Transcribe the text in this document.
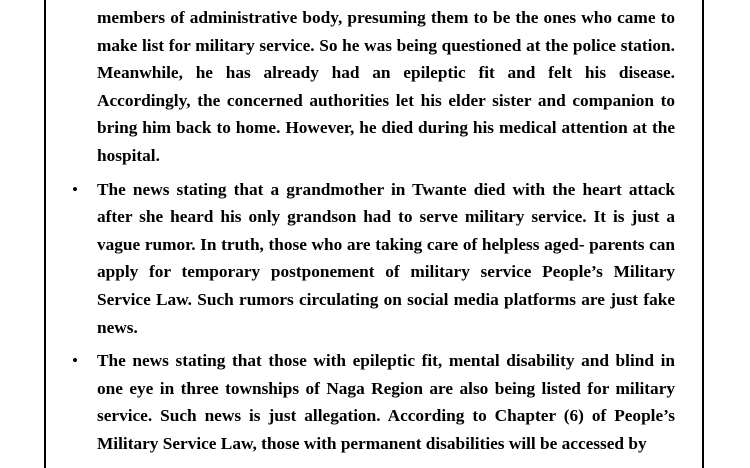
members of administrative body, presuming them to be the ones who came to make list for military service. So he was being questioned at the police station. Meanwhile, he has already had an epileptic fit and felt his disease. Accordingly, the concerned authorities let his elder sister and companion to bring him back to home. However, he died during his medical attention at the hospital.

• The news stating that a grandmother in Twante died with the heart attack after she heard his only grandson had to serve military service. It is just a vague rumor. In truth, those who are taking care of helpless aged- parents can apply for temporary postponement of military service People’s Military Service Law. Such rumors circulating on social media platforms are just fake news.

• The news stating that those with epileptic fit, mental disability and blind in one eye in three townships of Naga Region are also being listed for military service. Such news is just allegation. According to Chapter (6) of People’s Military Service Law, those with permanent disabilities will be accessed by
